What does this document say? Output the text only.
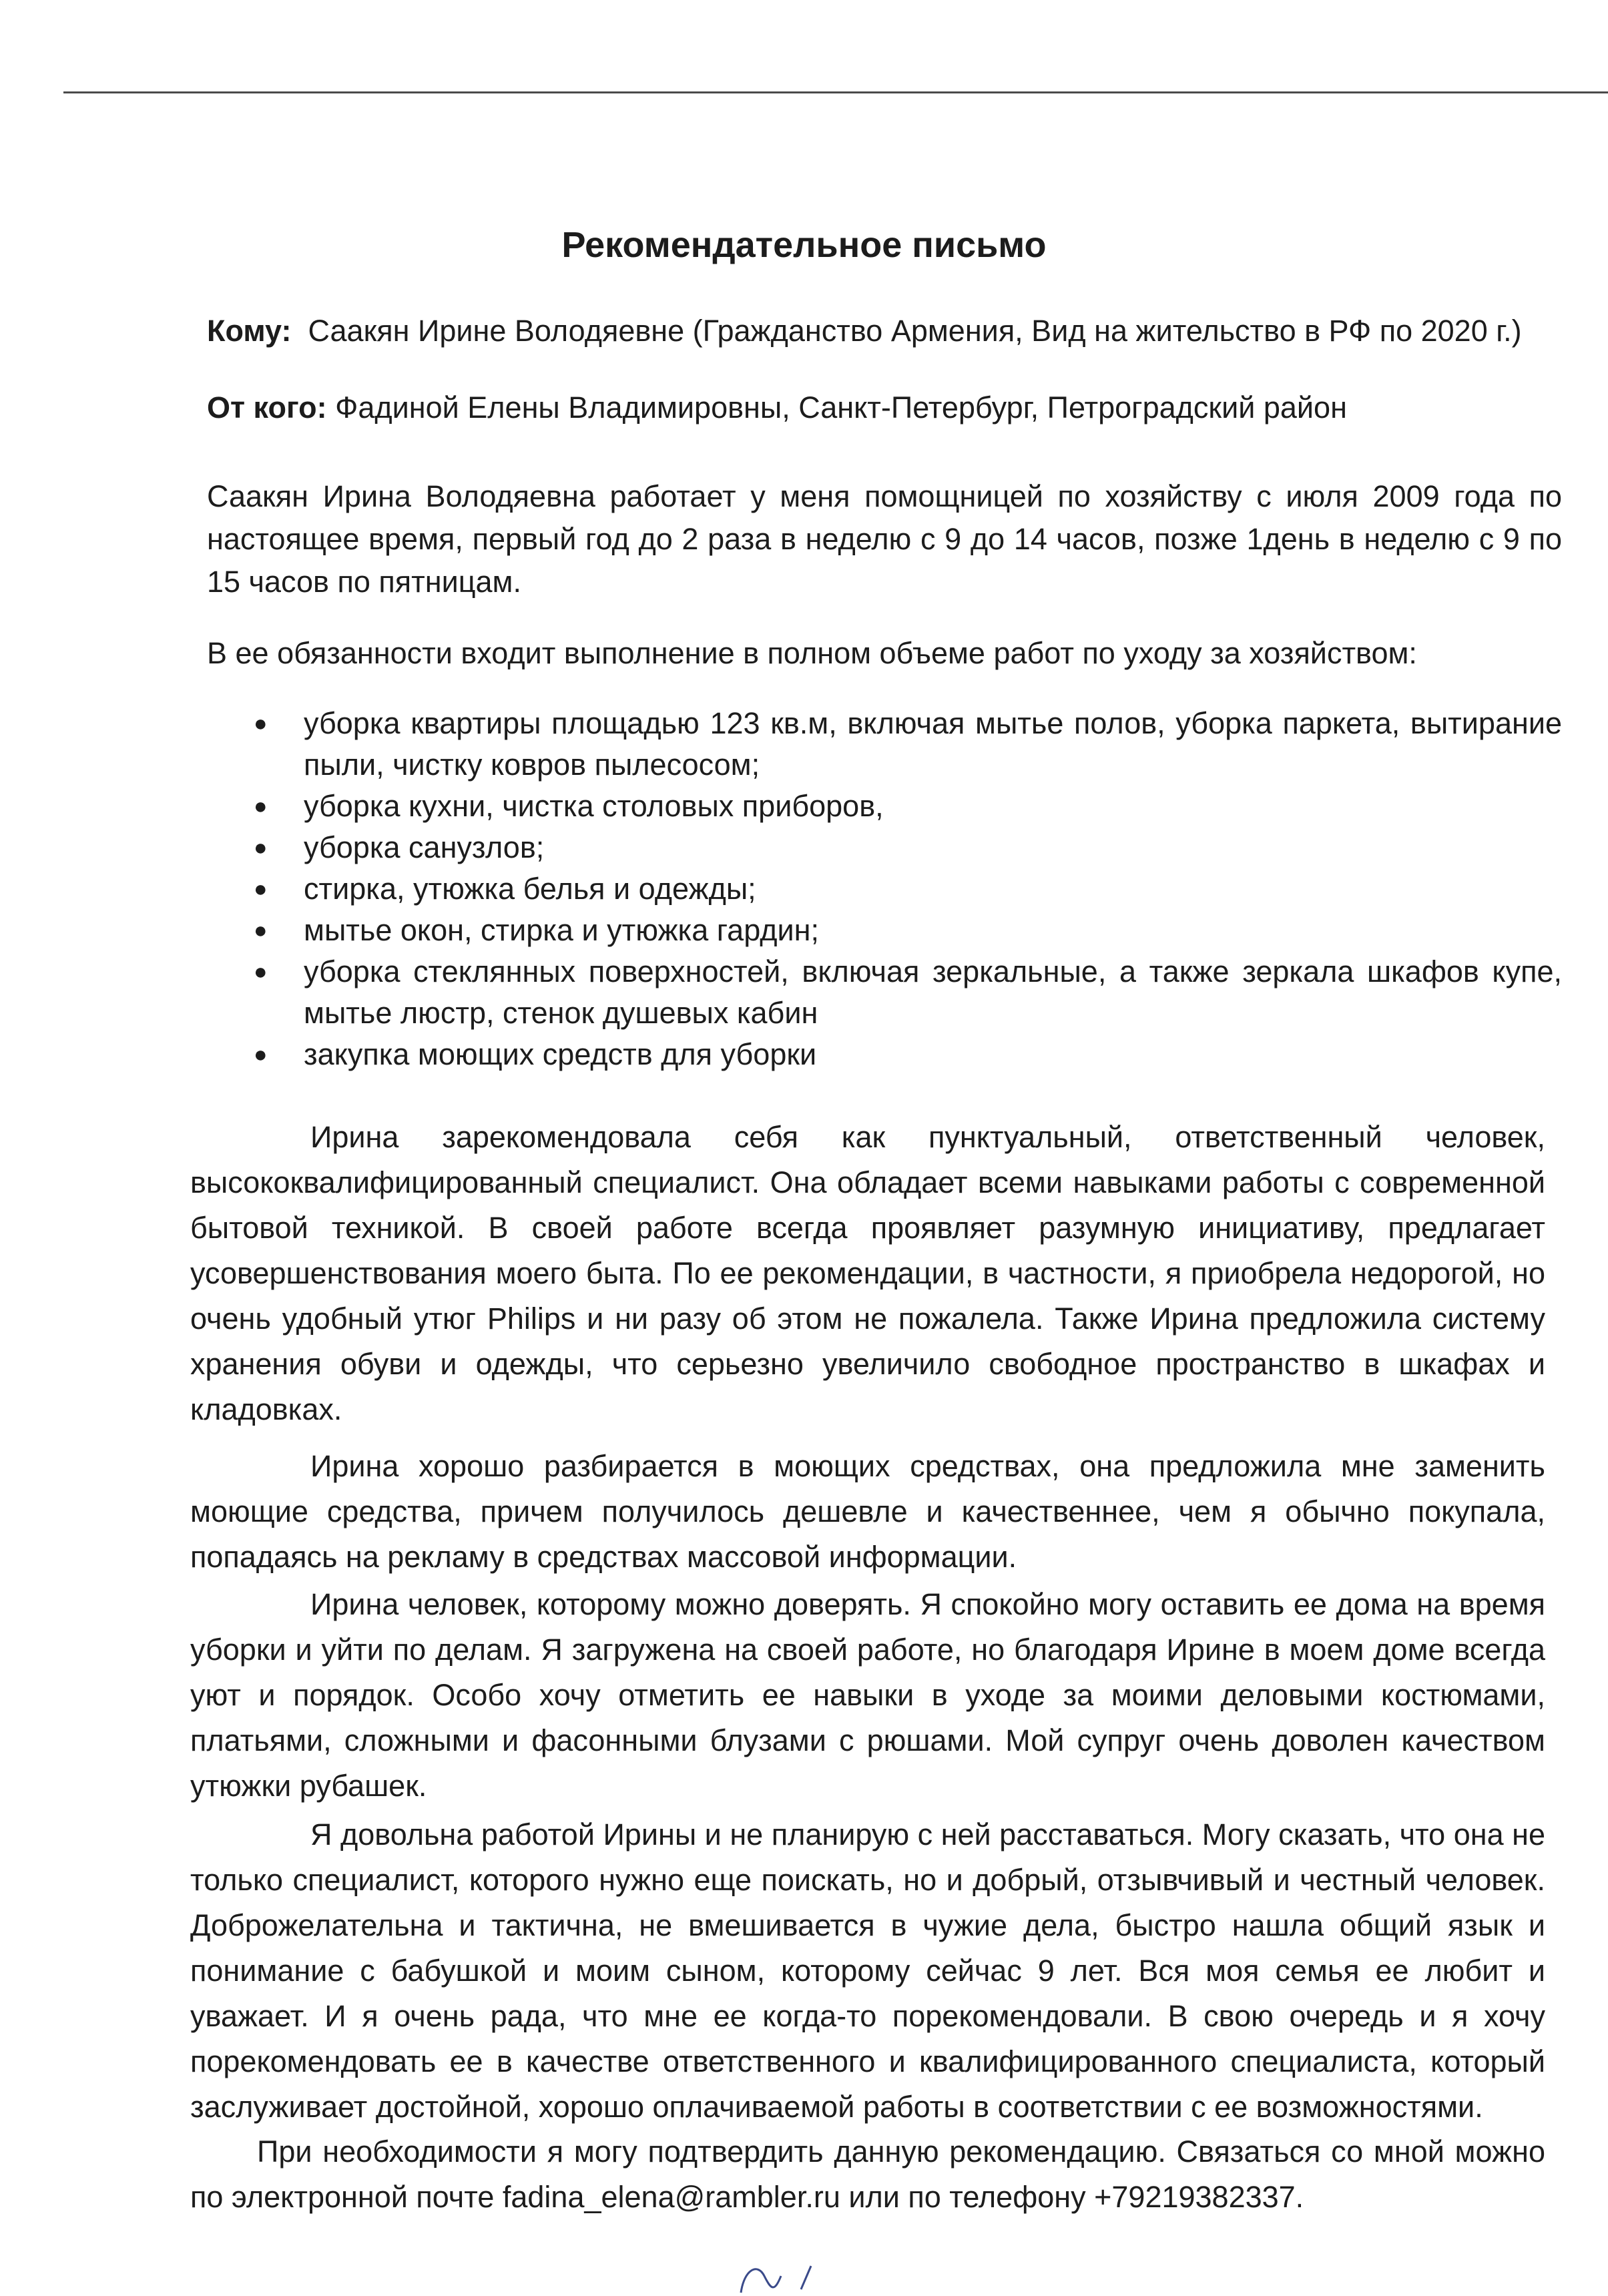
Рекомендательное письмо

Кому: Саакян Ирине Володяевне (Гражданство Армения, Вид на жительство в РФ по 2020 г.)

От кого: Фадиной Елены Владимировны, Санкт-Петербург, Петроградский район

Саакян Ирина Володяевна работает у меня помощницей по хозяйству с июля 2009 года по настоящее время, первый год до 2 раза в неделю с 9 до 14 часов, позже 1день в неделю с 9 по 15 часов по пятницам.

В ее обязанности входит выполнение в полном объеме работ по уходу за хозяйством:

● уборка квартиры площадью 123 кв.м, включая мытье полов, уборка паркета, вытирание пыли, чистку ковров пылесосом;
● уборка кухни, чистка столовых приборов,
● уборка санузлов;
● стирка, утюжка белья и одежды;
● мытье окон, стирка и утюжка гардин;
● уборка стеклянных поверхностей, включая зеркальные, а также зеркала шкафов купе, мытье люстр, стенок душевых кабин
● закупка моющих средств для уборки

Ирина зарекомендовала себя как пунктуальный, ответственный человек, высококвалифицированный специалист. Она обладает всеми навыками работы с современной бытовой техникой. В своей работе всегда проявляет разумную инициативу, предлагает усовершенствования моего быта. По ее рекомендации, в частности, я приобрела недорогой, но очень удобный утюг Philips и ни разу об этом не пожалела. Также Ирина предложила систему хранения обуви и одежды, что серьезно увеличило свободное пространство в шкафах и кладовках.

Ирина хорошо разбирается в моющих средствах, она предложила мне заменить моющие средства, причем получилось дешевле и качественнее, чем я обычно покупала, попадаясь на рекламу в средствах массовой информации.

Ирина человек, которому можно доверять. Я спокойно могу оставить ее дома на время уборки и уйти по делам. Я загружена на своей работе, но благодаря Ирине в моем доме всегда уют и порядок. Особо хочу отметить ее навыки в уходе за моими деловыми костюмами, платьями, сложными и фасонными блузами с рюшами. Мой супруг очень доволен качеством утюжки рубашек.

Я довольна работой Ирины и не планирую с ней расставаться. Могу сказать, что она не только специалист, которого нужно еще поискать, но и добрый, отзывчивый и честный человек. Доброжелательна и тактична, не вмешивается в чужие дела, быстро нашла общий язык и понимание с бабушкой и моим сыном, которому сейчас 9 лет. Вся моя семья ее любит и уважает. И я очень рада, что мне ее когда-то порекомендовали. В свою очередь и я хочу порекомендовать ее в качестве ответственного и квалифицированного специалиста, который заслуживает достойной, хорошо оплачиваемой работы в соответствии с ее возможностями.

При необходимости я могу подтвердить данную рекомендацию. Связаться со мной можно по электронной почте fadina_elena@rambler.ru или по телефону +79219382337.
